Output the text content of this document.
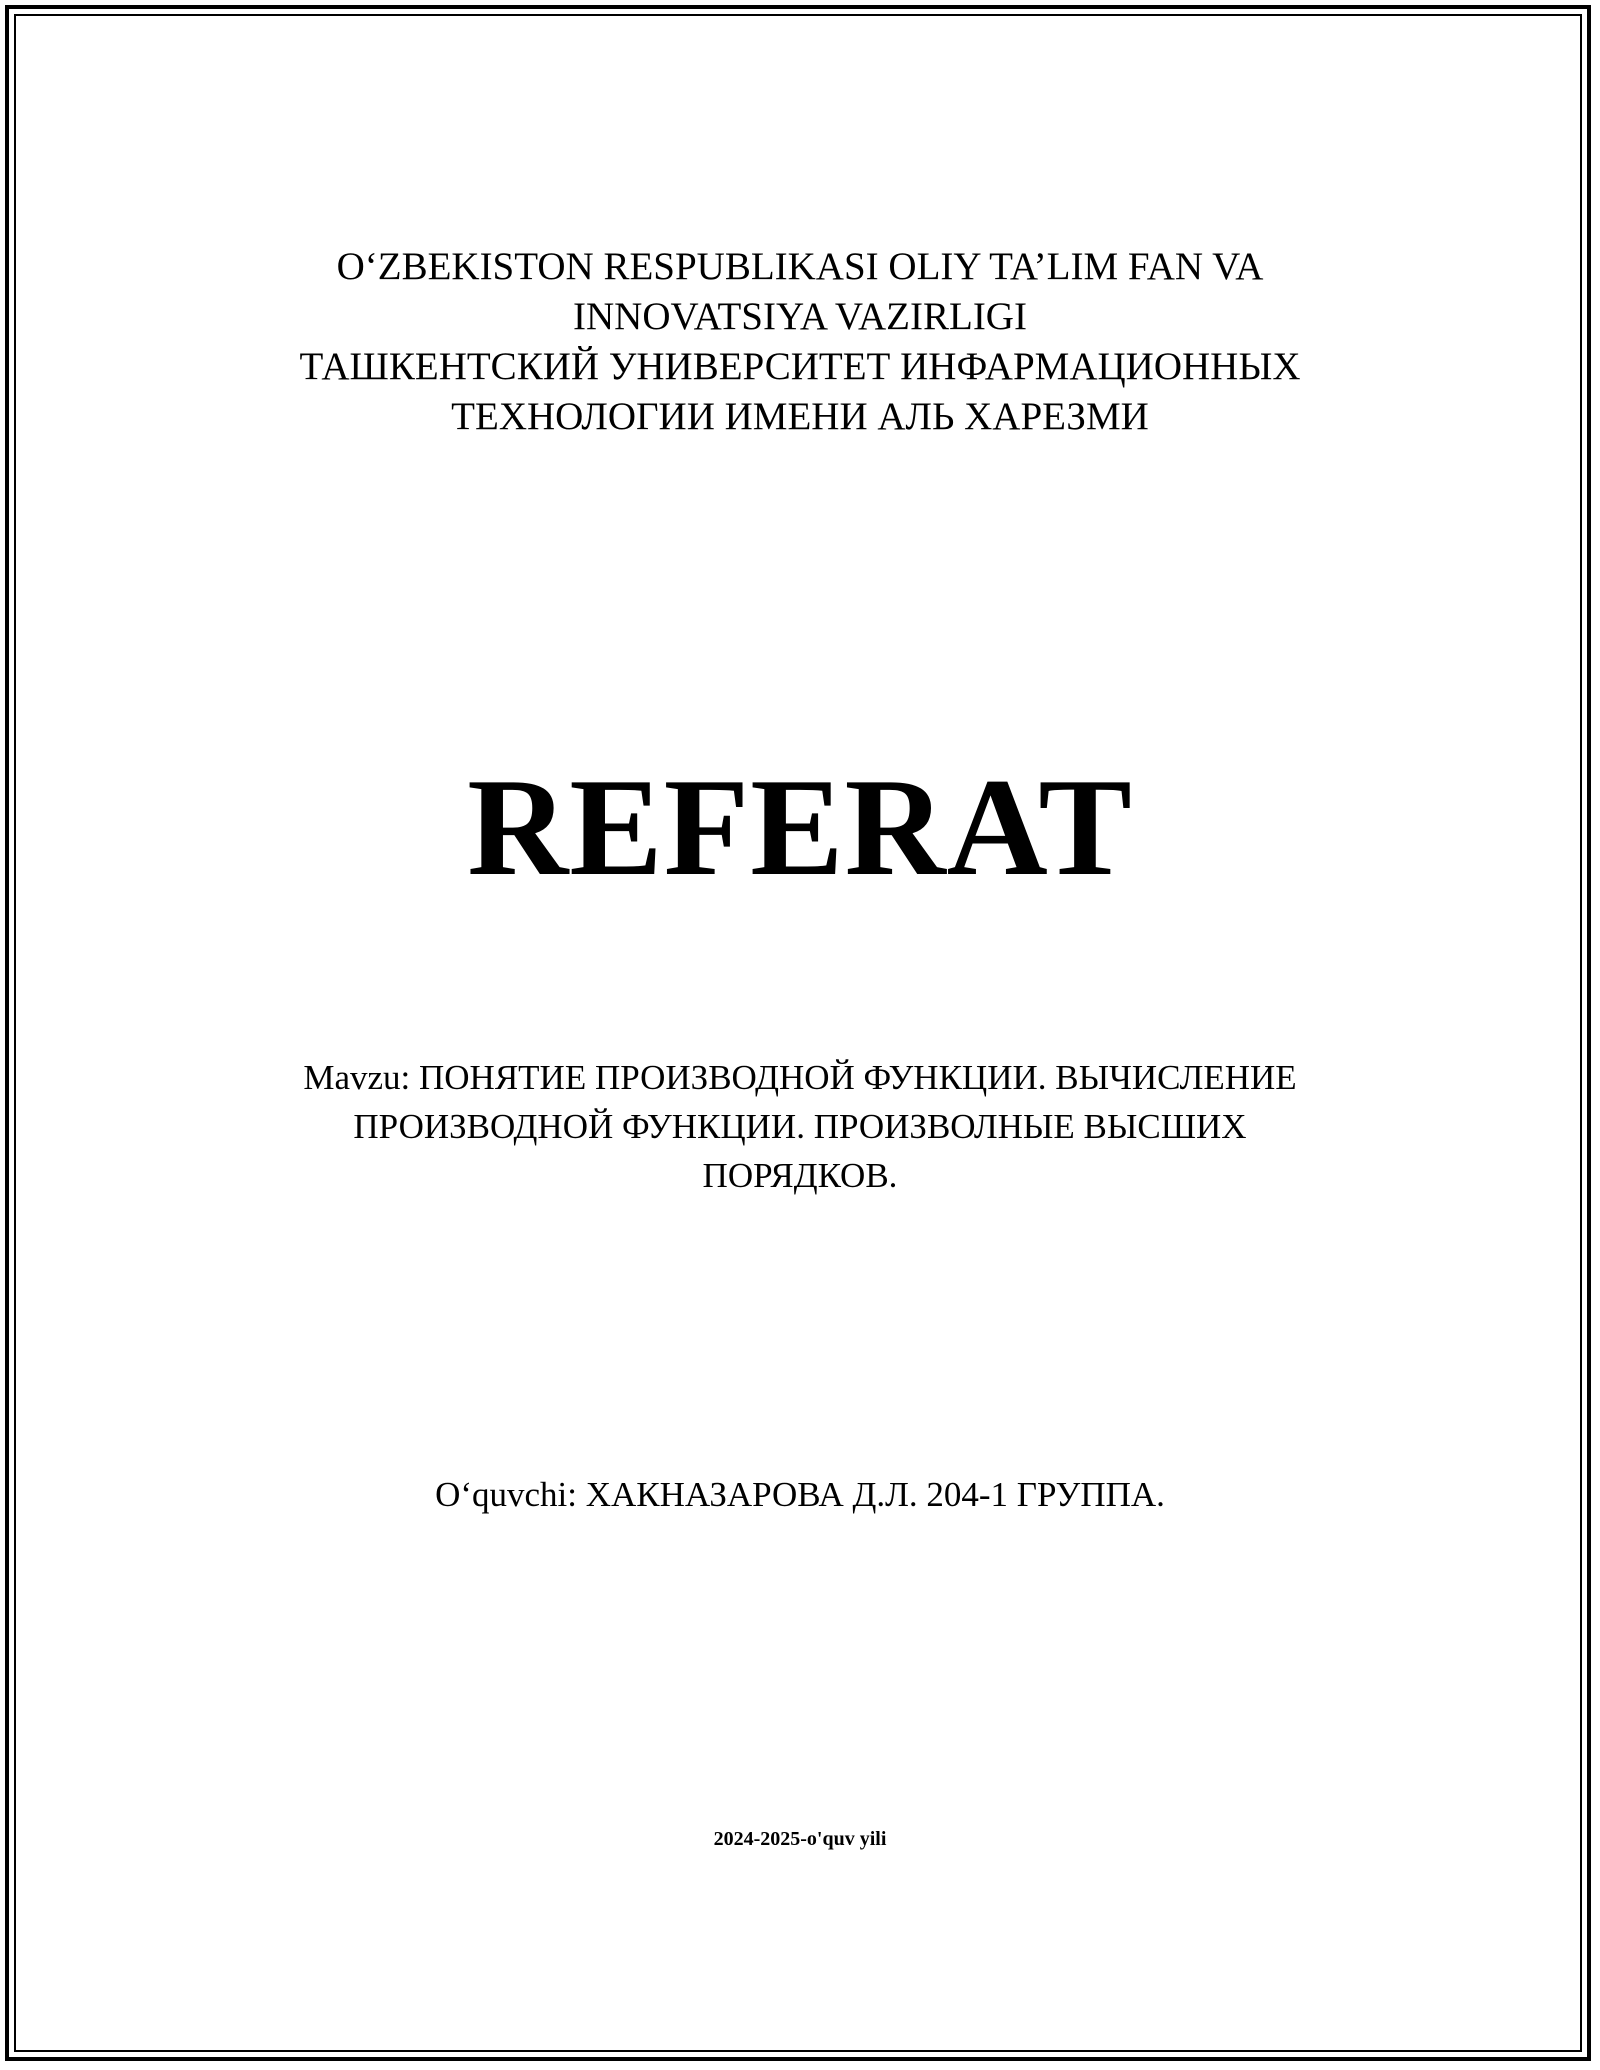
O‘ZBEKISTON RESPUBLIKASI OLIY TA’LIM FAN VA
INNOVATSIYA VAZIRLIGI
ТАШКЕНТСКИЙ УНИВЕРСИТЕТ ИНФАРМАЦИОННЫХ
ТЕХНОЛОГИИ ИМЕНИ АЛЬ ХАРЕЗМИ
REFERAT
Mavzu: ПОНЯТИЕ ПРОИЗВОДНОЙ ФУНКЦИИ. ВЫЧИСЛЕНИЕ
ПРОИЗВОДНОЙ ФУНКЦИИ. ПРОИЗВОЛНЫЕ ВЫСШИХ
ПОРЯДКОВ.
O‘quvchi: ХАКНАЗАРОВА Д.Л. 204-1 ГРУППА.
2024-2025-o'quv yili
